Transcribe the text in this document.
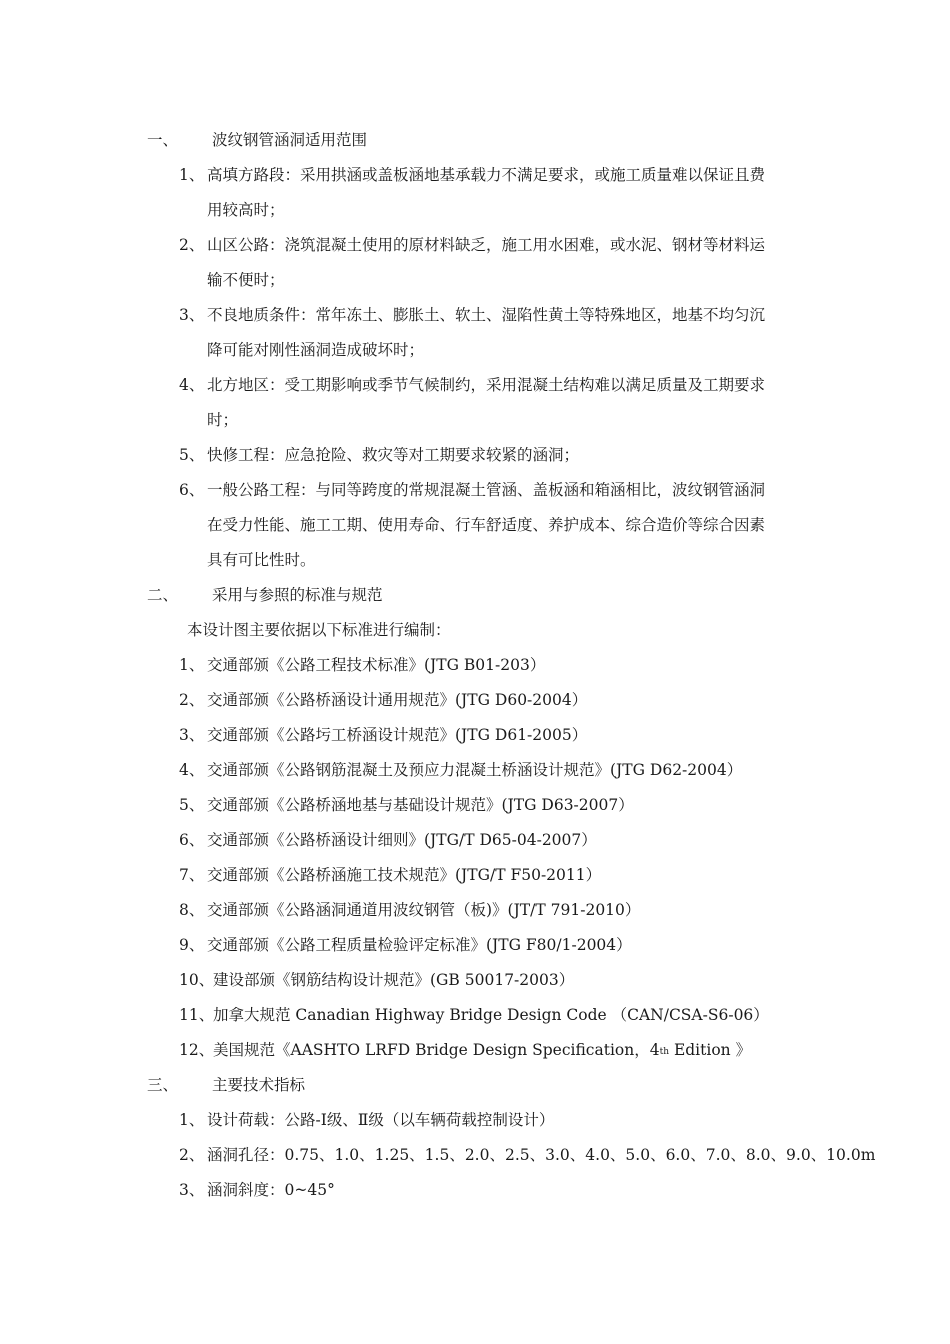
一、 波纹钢管涵洞适用范围
1、 高填方路段：采用拱涵或盖板涵地基承载力不满足要求，或施工质量难以保证且费
用较高时；
2、 山区公路：浇筑混凝土使用的原材料缺乏，施工用水困难，或水泥、钢材等材料运
输不便时；
3、 不良地质条件：常年冻土、膨胀土、软土、湿陷性黄土等特殊地区，地基不均匀沉
降可能对刚性涵洞造成破坏时；
4、 北方地区：受工期影响或季节气候制约，采用混凝土结构难以满足质量及工期要求
时；
5、 快修工程：应急抢险、救灾等对工期要求较紧的涵洞；
6、 一般公路工程：与同等跨度的常规混凝土管涵、盖板涵和箱涵相比，波纹钢管涵洞
在受力性能、施工工期、使用寿命、行车舒适度、养护成本、综合造价等综合因素
具有可比性时。
二、 采用与参照的标准与规范
本设计图主要依据以下标准进行编制：
1、 交通部颁《公路工程技术标准》(JTG B01-203）
2、 交通部颁《公路桥涵设计通用规范》(JTG D60-2004）
3、 交通部颁《公路圬工桥涵设计规范》(JTG D61-2005）
4、 交通部颁《公路钢筋混凝土及预应力混凝土桥涵设计规范》(JTG D62-2004）
5、 交通部颁《公路桥涵地基与基础设计规范》(JTG D63-2007）
6、 交通部颁《公路桥涵设计细则》(JTG/T D65-04-2007）
7、 交通部颁《公路桥涵施工技术规范》(JTG/T F50-2011）
8、 交通部颁《公路涵洞通道用波纹钢管（板)》(JT/T 791-2010）
9、 交通部颁《公路工程质量检验评定标准》(JTG F80/1-2004）
10、
建设部颁《钢筋结构设计规范》(GB 50017-2003）
11、
加拿大规范 Canadian Highway Bridge Design Code （CAN/CSA-S6-06）
12、
美国规范《AASHTO LRFD Bridge Design Specification，4th Edition 》
三、 主要技术指标
1、 设计荷载：公路-Ⅰ级、Ⅱ级（以车辆荷载控制设计）
2、 涵洞孔径：0.75、1.0、1.25、1.5、2.0、2.5、3.0、4.0、5.0、6.0、7.0、8.0、9.0、10.0m
3、 涵洞斜度：0~45°
